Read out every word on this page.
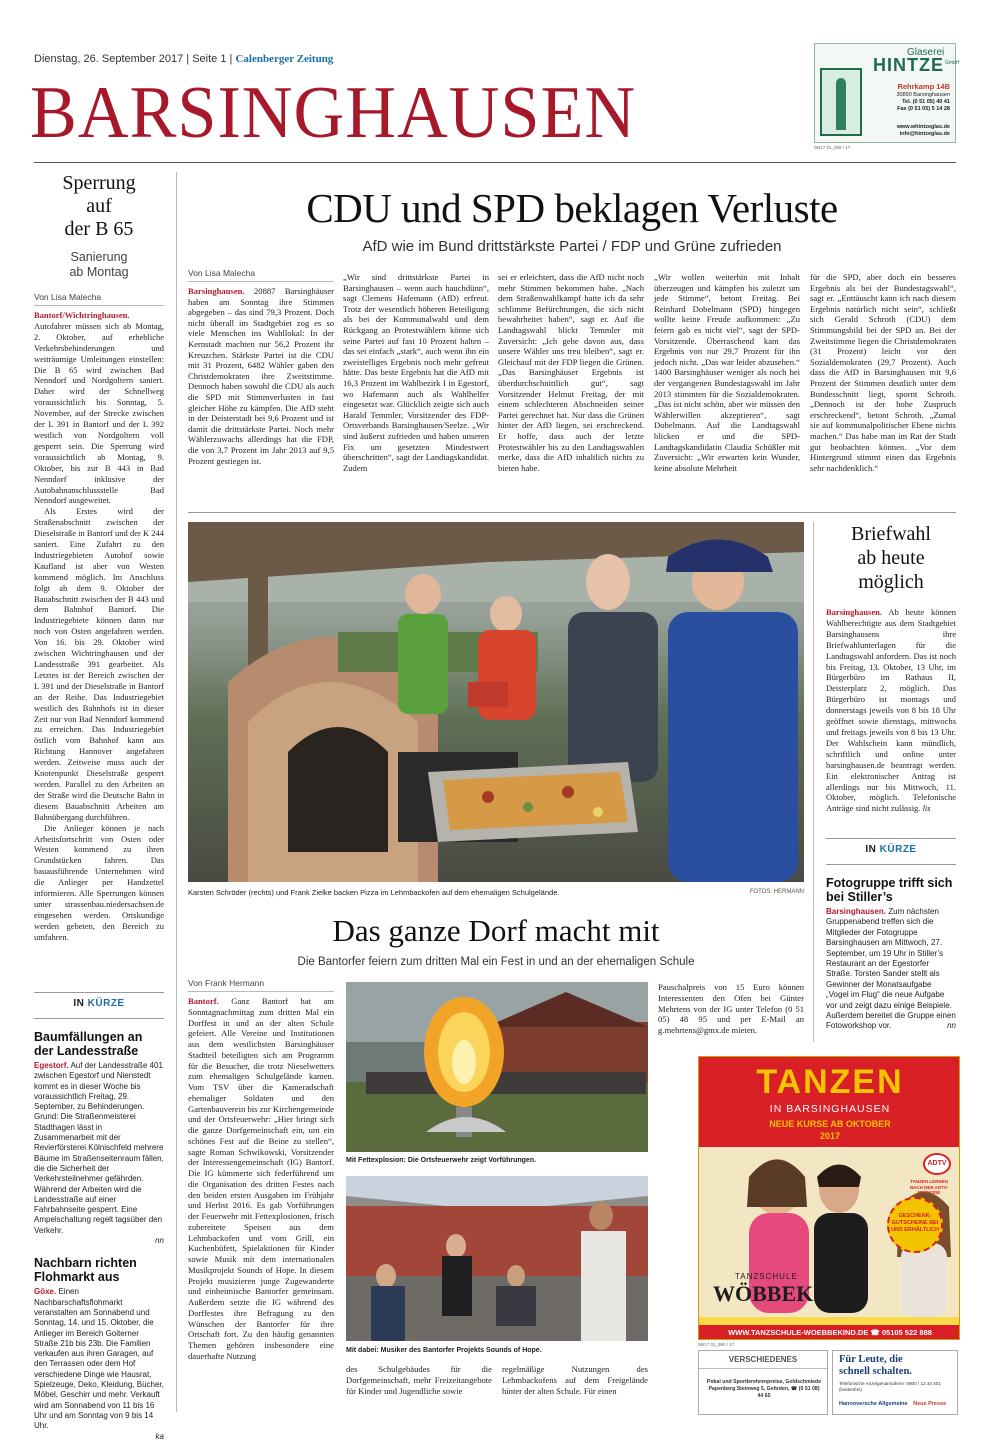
Dienstag, 26. September 2017 | Seite 1 | Calenberger Zeitung
BARSINGHAUSEN
Glaserei
HINTZE GmbH
Rehrkamp 14B
30890 Barsinghausen
Tel. (0 51 05) 40 41
Fax (0 51 05) 5 14 28
www.whintzeglas.de
info@hintzeglas.de
06/17 01_089 / 17
Sperrung
auf
der B 65
Sanierung
ab Montag
Von Lisa Malecha

Bantorf/Wichtringhausen. Autofahrer müssen sich ab Montag, 2. Oktober, auf erhebliche Verkehrsbehinderungen und weiträumige Umleitungen einstellen: Die B 65 wird zwischen Bad Nenndorf und Nordgoltern saniert. Daher wird der Schnellweg voraussichtlich bis Sonntag, 5. November, auf der Strecke zwischen der L 391 in Bantorf und der L 392 westlich von Nordgoltern voll gesperrt sein. Die Sperrung wird voraussichtlich ab Montag, 9. Oktober, bis zur B 443 in Bad Nenndorf inklusive der Autobahnanschlussstelle Bad Nenndorf ausgeweitet.

Als Erstes wird der Straßenabschnitt zwischen der Dieselstraße in Bantorf und der K 244 saniert. Eine Zufahrt zu den Industriegebieten Autohof sowie Kaufland ist aber von Westen kommend möglich. Im Anschluss folgt ab dem 9. Oktober der Bauabschnitt zwischen der B 443 und dem Bahnhof Bantorf. Die Industriegebiete können dann nur noch von Osten angefahren werden. Von 16. bis 29. Oktober wird zwischen Wichtringhausen und der Landesstraße 391 gearbeitet. Als Letztes ist der Bereich zwischen der L 391 und der Dieselstraße in Bantorf an der Reihe. Das Industriegebiet westlich des Bahnhofs ist in dieser Zeit nur von Bad Nenndorf kommend zu erreichen. Das Industriegebiet östlich vom Bahnhof kann aus Richtung Hannover angefahren werden. Zeitweise muss auch der Knotenpunkt Dieselstraße gesperrt werden. Parallel zu den Arbeiten an der Straße wird die Deutsche Bahn in diesem Bauabschnitt Arbeiten am Bahnübergang durchführen.

Die Anlieger können je nach Arbeitsfortschritt von Osten oder Westen kommend zu ihren Grundstücken fahren. Das bauausführende Unternehmen wird die Anlieger per Handzettel informieren. Alle Sperrungen können unter strassenbau.niedersachsen.de eingesehen werden. Ortskundige werden gebeten, den Bereich zu umfahren.

IN KÜRZE
Baumfällungen an der Landesstraße
Egestorf. Auf der Landesstraße 401 zwischen Egestorf und Nienstedt kommt es in dieser Woche bis voraussichtlich Freitag, 29. September, zu Behinderungen. Grund: Die Straßenmeisterei Stadthagen lässt in Zusammenarbeit mit der Revierförsterei Kölnischfeld mehrere Bäume im Straßenseitenraum fällen, die die Sicherheit der Verkehrsteilnehmer gefährden. Während der Arbeiten wird die Landesstraße auf einer Fahrbahnseite gesperrt. Eine Ampelschaltung regelt tagsüber den Verkehr.
nn
Nachbarn richten Flohmarkt aus
Göxe. Einen Nachbarschaftsflohmarkt veranstalten am Sonnabend und Sonntag, 14. und 15. Oktober, die Anlieger im Bereich Goiterner Straße 21b bis 23b. Die Familien verkaufen aus ihren Garagen, auf den Terrassen oder dem Hof verschiedene Dinge wie Hausrat, Spielzeuge, Deko, Kleidung, Bücher, Möbel, Geschirr und mehr. Verkauft wird am Sonnabend von 11 bis 16 Uhr und am Sonntag von 9 bis 14 Uhr.
ka
CDU und SPD beklagen Verluste
AfD wie im Bund drittstärkste Partei / FDP und Grüne zufrieden
Von Lisa Malecha
Barsinghausen. 20887 Barsinghäuser haben am Sonntag ihre Stimmen abgegeben – das sind 79,3 Prozent. Doch nicht überall im Stadtgebiet zog es so viele Menschen ins Wahllokal: In der Kernstadt machten nur 56,2 Prozent ihr Kreuzchen. Stärkste Partei ist die CDU mit 31 Prozent, 6482 Wähler gaben den Christdemokraten ihre Zweitstimme. Dennoch haben sowohl die CDU als auch die SPD mit Stimmverlusten in fast gleicher Höhe zu kämpfen. Die AfD steht in der Deisterstadt bei 9,6 Prozent und ist damit die drittstärkste Partei. Noch mehr Wählerzuwachs allerdings hat die FDP, die von 3,7 Prozent im Jahr 2013 auf 9,5 Prozent gestiegen ist.
„Wir sind drittstärkste Partei in Barsinghausen – wenn auch hauchdünn“, sagt Clemens Hafemann (AfD) erfreut. Trotz der wesentlich höheren Beteiligung als bei der Kommunalwahl und dem Rückgang an Protestwählern könne sich seine Partei auf fast 10 Prozent halten – das sei einfach „stark“, auch wenn ihn ein zweistelliges Ergebnis noch mehr gefreut hätte. Das beste Ergebnis hat die AfD mit 16,3 Prozent im Wahlbezirk I in Egestorf, wo Hafemann auch als Wahlhelfer eingesetzt war. Glücklich zeigte sich auch Harald Temmler, Vorsitzender des FDP-Ortsverbands Barsinghausen/Seelze. „Wir sind äußerst zufrieden und haben unseren Fix um gesetzten Mindestwert überschritten“, sagt der Landtagskandidat. Zudem
sei er erleichtert, dass die AfD nicht noch mehr Stimmen bekommen habe. „Nach dem Straßenwahlkampf hatte ich da sehr schlimme Befürchtungen, die sich nicht bewahrheitet haben“, sagt er. Auf die Landtagswahl blickt Temmler mit Zuversicht: „Ich gehe davon aus, dass unsere Wähler uns treu bleiben“, sagt er. Gleichauf mit der FDP liegen die Grünen. „Das Barsinghäuser Ergebnis ist überdurchschnittlich gut“, sagt Vorsitzender Helmut Freitag, der mit einem schlechteren Abschneiden seiner Partei gerechnet hat. Nur dass die Grünen hinter der AfD liegen, sei erschreckend. Er hoffe, dass auch der letzte Protestwähler bis zu den Landtagswahlen merke, dass die AfD inhaltlich nichts zu bieten habe.
„Wir wollen weiterhin mit Inhalt überzeugen und kämpfen bis zuletzt um jede Stimme“, betont Freitag. Bei Reinhard Dobelmann (SPD) hingegen wollte keine Freude aufkommen: „Zu feiern gab es nicht viel“, sagt der SPD-Vorsitzende. Überraschend kam das Ergebnis von nur 29,7 Prozent für ihn jedoch nicht. „Das war leider abzusehen.“ 1400 Barsinghäuser weniger als noch bei der vergangenen Bundestagswahl im Jahr 2013 stimmten für die Sozialdemokraten. „Das ist nicht schön, aber wir müssen den Wählerwillen akzeptieren“, sagt Dobelmann. Auf die Landtagswahl blicken er und die SPD-Landtagskandidatin Claudia Schüßler mit Zuversicht: „Wir erwarten kein Wunder, keine absolute Mehrheit
für die SPD, aber doch ein besseres Ergebnis als bei der Bundestagswahl“, sagt er. „Enttäuscht kann ich nach diesem Ergebnis natürlich nicht sein“, schließt sich Gerald Schroth (CDU) dem Stimmungsbild bei der SPD an. Bei der Zweitstimme liegen die Christdemokraten (31 Prozent) leicht vor den Sozialdemokraten (29,7 Prozent). Auch dass die AfD in Barsinghausen mit 9,6 Prozent der Stimmen deutlich unter dem Bundesschnitt liegt, spornt Schroth. „Dennoch ist der hohe Zuspruch erschreckend“, betont Schroth. „Zumal sie auf kommunalpolitischer Ebene nichts machen.“ Das habe man im Rat der Stadt gut beobachten können. „Vor dem Hintergrund stimmt einen das Ergebnis sehr nachdenklich.“
Karsten Schröder (rechts) und Frank Zielke backen Pizza im Lehmbackofen auf dem ehemaligen Schulgelände.	FOTOS: HERMANN
Briefwahl
ab heute
möglich
Barsinghausen. Ab heute können Wahlberechtigte aus dem Stadtgebiet Barsinghausens ihre Briefwahlunterlagen für die Landtagswahl anfordern. Das ist noch bis Freitag, 13. Oktober, 13 Uhr, im Bürgerbüro im Rathaus II, Deisterplatz 2, möglich. Das Bürgerbüro ist montags und donnerstags jeweils von 8 bis 18 Uhr geöffnet sowie dienstags, mittwochs und freitags jeweils von 8 bis 13 Uhr. Der Wahlschein kann mündlich, schriftlich und online unter barsinghausen.de beantragt werden. Ein elektronischer Antrag ist allerdings nur bis Mittwoch, 11. Oktober, möglich. Telefonische Anträge sind nicht zulässig. lis
IN KÜRZE
Fotogruppe trifft sich bei Stiller’s
Barsinghausen. Zum nächsten Gruppenabend treffen sich die Mitglieder der Fotogruppe Barsinghausen am Mittwoch, 27. September, um 19 Uhr in Stiller’s Restaurant an der Egestorfer Straße. Torsten Sander stellt als Gewinner der Monatsaufgabe „Vogel im Flug“ die neue Aufgabe vor und zeigt dazu einige Beispiele. Außerdem bereitet die Gruppe einen Fotoworkshop vor.	nn
Das ganze Dorf macht mit
Die Bantorfer feiern zum dritten Mal ein Fest in und an der ehemaligen Schule
Von Frank Hermann
Bantorf. Ganz Bantorf hat am Sonntagnachmittag zum dritten Mal ein Dorffest in und an der alten Schule gefeiert. Alle Vereine und Institutionen aus dem westlichsten Barsinghäuser Stadtteil beteiligten sich am Programm für die Besucher, die trotz Nieselwetters zum ehemaligen Schulgelände kamen. Vom TSV über die Kameradschaft ehemaliger Soldaten und den Gartenbauverein bis zur Kirchengemeinde und der Ortsfeuerwehr: „Hier bringt sich die ganze Dorfgemeinschaft ein, um ein schönes Fest auf die Beine zu stellen“, sagte Roman Schwikowski, Vorsitzender der Interessengemeinschaft (IG) Bantorf. Die IG kümmerte sich federführend um die Organisation des dritten Festes nach den beiden ersten Ausgaben im Frühjahr und Herbst 2016. Es gab Vorführungen der Feuerwehr mit Fettexplosionen, frisch zubereitete Speisen aus dem Lehmbackofen und vom Grill, ein Kuchenbüfett, Spielaktionen für Kinder sowie Musik mit dem internationalen Musikprojekt Sounds of Hope. In diesem Projekt musizieren junge Zugewanderte und einheimische Bantorfer gemeinsam. Außerdem setzte die IG während des Dorffestes ihre Befragung zu den Wünschen der Bantorfer für ihre Ortschaft fort. Zu den häufig genannten Themen gehören insbesondere eine dauerhafte Nutzung
Mit Fettexplosion: Die Ortsfeuerwehr zeigt Vorführungen.
Mit dabei: Musiker des Bantorfer Projekts Sounds of Hope.
des Schulgebäudes für die Dorfgemeinschaft, mehr Freizeitangebote für Kinder und Jugendliche sowie
regelmäßige Nutzungen des Lehmbackofens auf dem Freigelände hinter der alten Schule. Für einen
Pauschalpreis von 15 Euro können Interessenten den Ofen bei Günter Mehrtens von der IG unter Telefon (0 51 05) 48 95 und per E-Mail an g.mehrtens@gmx.de mieten.
TANZEN
IN BARSINGHAUSEN
NEUE KURSE AB OKTOBER
2017
ADTV
TANZEN LERNEN NACH DER ADTV-METHODE
GESCHENK-GUTSCHEINE BEI UNS ERHÄLTLICH
TANZSCHULE
WÖBBEKIND
WWW.TANZSCHULE-WOEBBEKIND.DE ☎ 05105 522 888
06/17 01_990 / 17
VERSCHIEDENES
Pokal und Sportlerehrenpreise, Goldschmiede Papenberg Steinweg 5, Gehrden, ☎ (0 51 08) 44 65
Für Leute, die
schnell schalten.
Telefonische Anzeigenannahme: 0800 / 12 34 401 (kostenfrei)
Hannoversche Allgemeine Neue Presse
